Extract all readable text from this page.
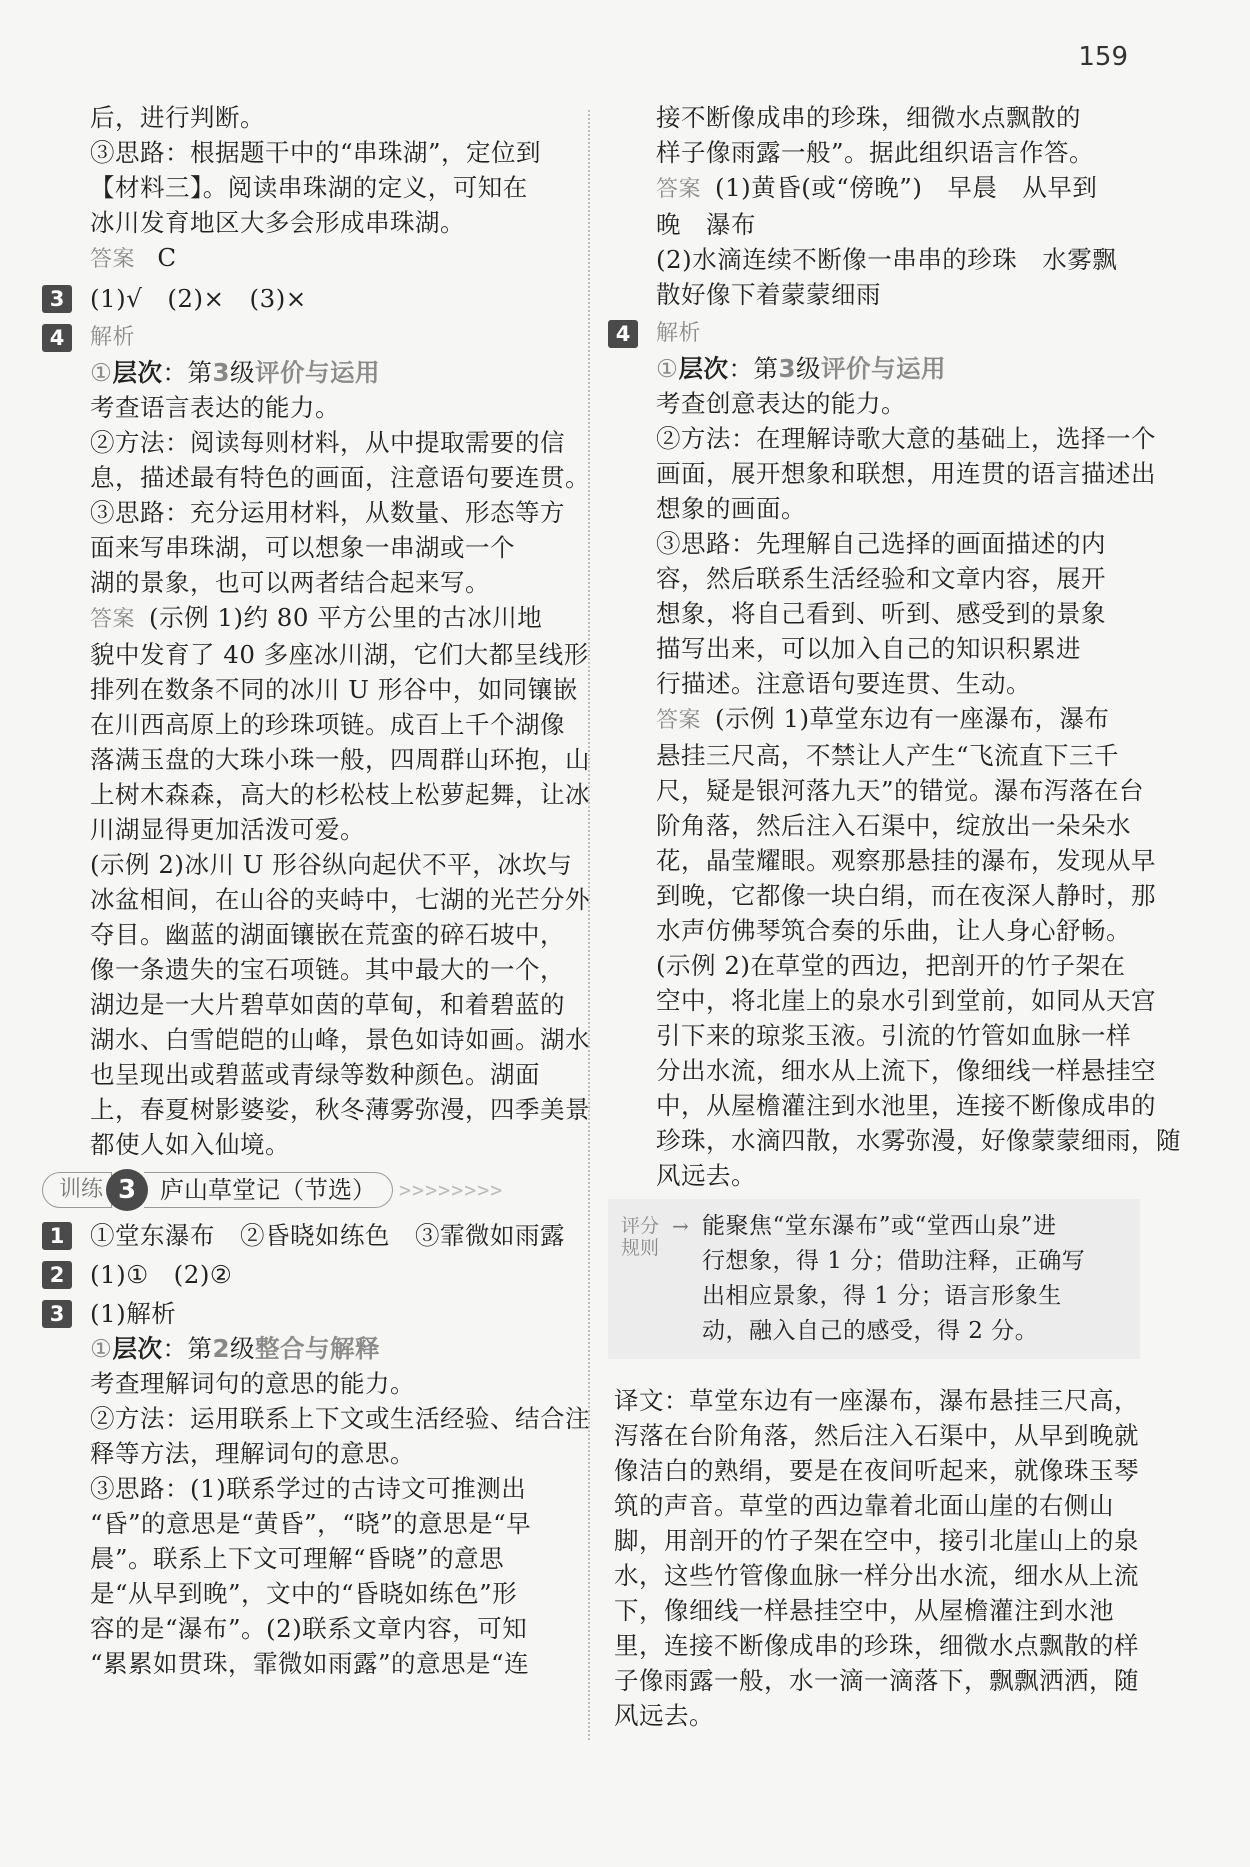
159
后，进行判断。
③思路：根据题干中的“串珠湖”，定位到
【材料三】。阅读串珠湖的定义，可知在
冰川发育地区大多会形成串珠湖。
答案 C
3	(1)√　(2)×　(3)×
4	解析
①层次：第3级评价与运用
考查语言表达的能力。
②方法：阅读每则材料，从中提取需要的信
息，描述最有特色的画面，注意语句要连贯。
③思路：充分运用材料，从数量、形态等方
面来写串珠湖，可以想象一串湖或一个
湖的景象，也可以两者结合起来写。
答案 (示例 1)约 80 平方公里的古冰川地
貌中发育了 40 多座冰川湖，它们大都呈线形
排列在数条不同的冰川 U 形谷中，如同镶嵌
在川西高原上的珍珠项链。成百上千个湖像
落满玉盘的大珠小珠一般，四周群山环抱，山
上树木森森，高大的杉松枝上松萝起舞，让冰
川湖显得更加活泼可爱。
(示例 2)冰川 U 形谷纵向起伏不平，冰坎与
冰盆相间，在山谷的夹峙中，七湖的光芒分外
夺目。幽蓝的湖面镶嵌在荒蛮的碎石坡中，
像一条遗失的宝石项链。其中最大的一个，
湖边是一大片碧草如茵的草甸，和着碧蓝的
湖水、白雪皑皑的山峰，景色如诗如画。湖水
也呈现出或碧蓝或青绿等数种颜色。湖面
上，春夏树影婆娑，秋冬薄雾弥漫，四季美景
都使人如入仙境。
训练 3 庐山草堂记（节选）	>>>>>>>>
1	①堂东瀑布　②昏晓如练色　③霏微如雨露
2	(1)①　(2)②
3	(1)解析
①层次：第2级整合与解释
考查理解词句的意思的能力。
②方法：运用联系上下文或生活经验、结合注
释等方法，理解词句的意思。
③思路：(1)联系学过的古诗文可推测出
“昏”的意思是“黄昏”，“晓”的意思是“早
晨”。联系上下文可理解“昏晓”的意思
是“从早到晚”，文中的“昏晓如练色”形
容的是“瀑布”。(2)联系文章内容，可知
“累累如贯珠，霏微如雨露”的意思是“连
接不断像成串的珍珠，细微水点飘散的
样子像雨露一般”。据此组织语言作答。
答案 (1)黄昏(或“傍晚”)　早晨　从早到
晚　瀑布
(2)水滴连续不断像一串串的珍珠　水雾飘
散好像下着蒙蒙细雨
4	解析
①层次：第3级评价与运用
考查创意表达的能力。
②方法：在理解诗歌大意的基础上，选择一个
画面，展开想象和联想，用连贯的语言描述出
想象的画面。
③思路：先理解自己选择的画面描述的内
容，然后联系生活经验和文章内容，展开
想象，将自己看到、听到、感受到的景象
描写出来，可以加入自己的知识积累进
行描述。注意语句要连贯、生动。
答案 (示例 1)草堂东边有一座瀑布，瀑布
悬挂三尺高，不禁让人产生“飞流直下三千
尺，疑是银河落九天”的错觉。瀑布泻落在台
阶角落，然后注入石渠中，绽放出一朵朵水
花，晶莹耀眼。观察那悬挂的瀑布，发现从早
到晚，它都像一块白绢，而在夜深人静时，那
水声仿佛琴筑合奏的乐曲，让人身心舒畅。
(示例 2)在草堂的西边，把剖开的竹子架在
空中，将北崖上的泉水引到堂前，如同从天宫
引下来的琼浆玉液。引流的竹管如血脉一样
分出水流，细水从上流下，像细线一样悬挂空
中，从屋檐灌注到水池里，连接不断像成串的
珍珠，水滴四散，水雾弥漫，好像蒙蒙细雨，随
风远去。
评分
规则
→ 能聚焦“堂东瀑布”或“堂西山泉”进
行想象，得 1 分；借助注释，正确写
出相应景象，得 1 分；语言形象生
动，融入自己的感受，得 2 分。
译文：草堂东边有一座瀑布，瀑布悬挂三尺高，
泻落在台阶角落，然后注入石渠中，从早到晚就
像洁白的熟绢，要是在夜间听起来，就像珠玉琴
筑的声音。草堂的西边靠着北面山崖的右侧山
脚，用剖开的竹子架在空中，接引北崖山上的泉
水，这些竹管像血脉一样分出水流，细水从上流
下，像细线一样悬挂空中，从屋檐灌注到水池
里，连接不断像成串的珍珠，细微水点飘散的样
子像雨露一般，水一滴一滴落下，飘飘洒洒，随
风远去。
